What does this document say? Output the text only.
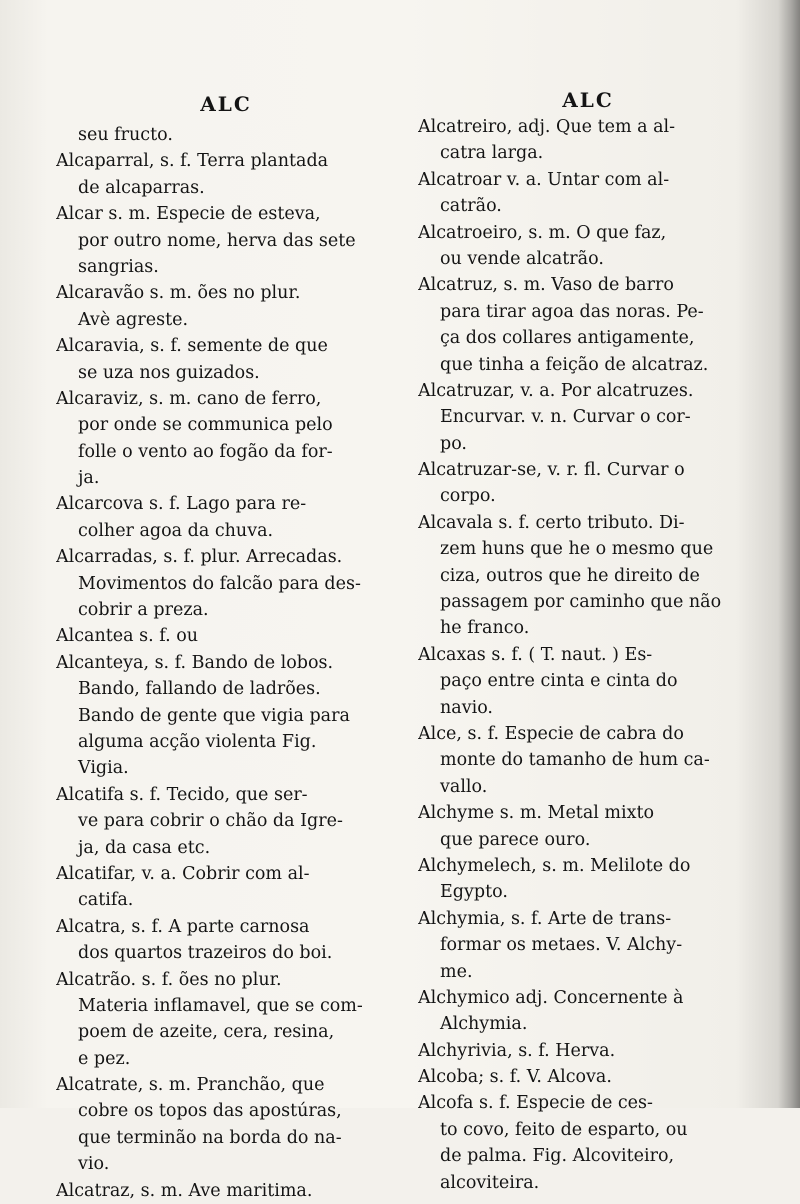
ALC
seu fructo.
Alcaparral, s. f. Terra plantada
de alcaparras.
Alcar s. m. Especie de esteva,
por outro nome, herva das sete
sangrias.
Alcaravão s. m. ões no plur.
Avè agreste.
Alcaravia, s. f. semente de que
se uza nos guizados.
Alcaraviz, s. m. cano de ferro,
por onde se communica pelo
folle o vento ao fogão da for-
ja.
Alcarcova s. f. Lago para re-
colher agoa da chuva.
Alcarradas, s. f. plur. Arrecadas.
Movimentos do falcão para des-
cobrir a preza.
Alcantea s. f. ou
Alcanteya, s. f. Bando de lobos.
Bando, fallando de ladrões.
Bando de gente que vigia para
alguma acção violenta Fig.
Vigia.
Alcatifa s. f. Tecido, que ser-
ve para cobrir o chão da Igre-
ja, da casa etc.
Alcatifar, v. a. Cobrir com al-
catifa.
Alcatra, s. f. A parte carnosa
dos quartos trazeiros do boi.
Alcatrão. s. f. ões no plur.
Materia inflamavel, que se com-
poem de azeite, cera, resina,
e pez.
Alcatrate, s. m. Pranchão, que
cobre os topos das apostúras,
que terminão na borda do na-
vio.
Alcatraz, s. m. Ave maritima.
ALC
Alcatreiro, adj. Que tem a al-
catra larga.
Alcatroar v. a. Untar com al-
catrão.
Alcatroeiro, s. m. O que faz,
ou vende alcatrão.
Alcatruz, s. m. Vaso de barro
para tirar agoa das noras. Pe-
ça dos collares antigamente,
que tinha a feição de alcatraz.
Alcatruzar, v. a. Por alcatruzes.
Encurvar. v. n. Curvar o cor-
po.
Alcatruzar-se, v. r. fl. Curvar o
corpo.
Alcavala s. f. certo tributo. Di-
zem huns que he o mesmo que
ciza, outros que he direito de
passagem por caminho que não
he franco.
Alcaxas s. f. ( T. naut. ) Es-
paço entre cinta e cinta do
navio.
Alce, s. f. Especie de cabra do
monte do tamanho de hum ca-
vallo.
Alchyme s. m. Metal mixto
que parece ouro.
Alchymelech, s. m. Melilote do
Egypto.
Alchymia, s. f. Arte de trans-
formar os metaes. V. Alchy-
me.
Alchymico adj. Concernente à
Alchymia.
Alchyrivia, s. f. Herva.
Alcoba; s. f. V. Alcova.
Alcofa s. f. Especie de ces-
to covo, feito de esparto, ou
de palma. Fig. Alcoviteiro,
alcoviteira.
